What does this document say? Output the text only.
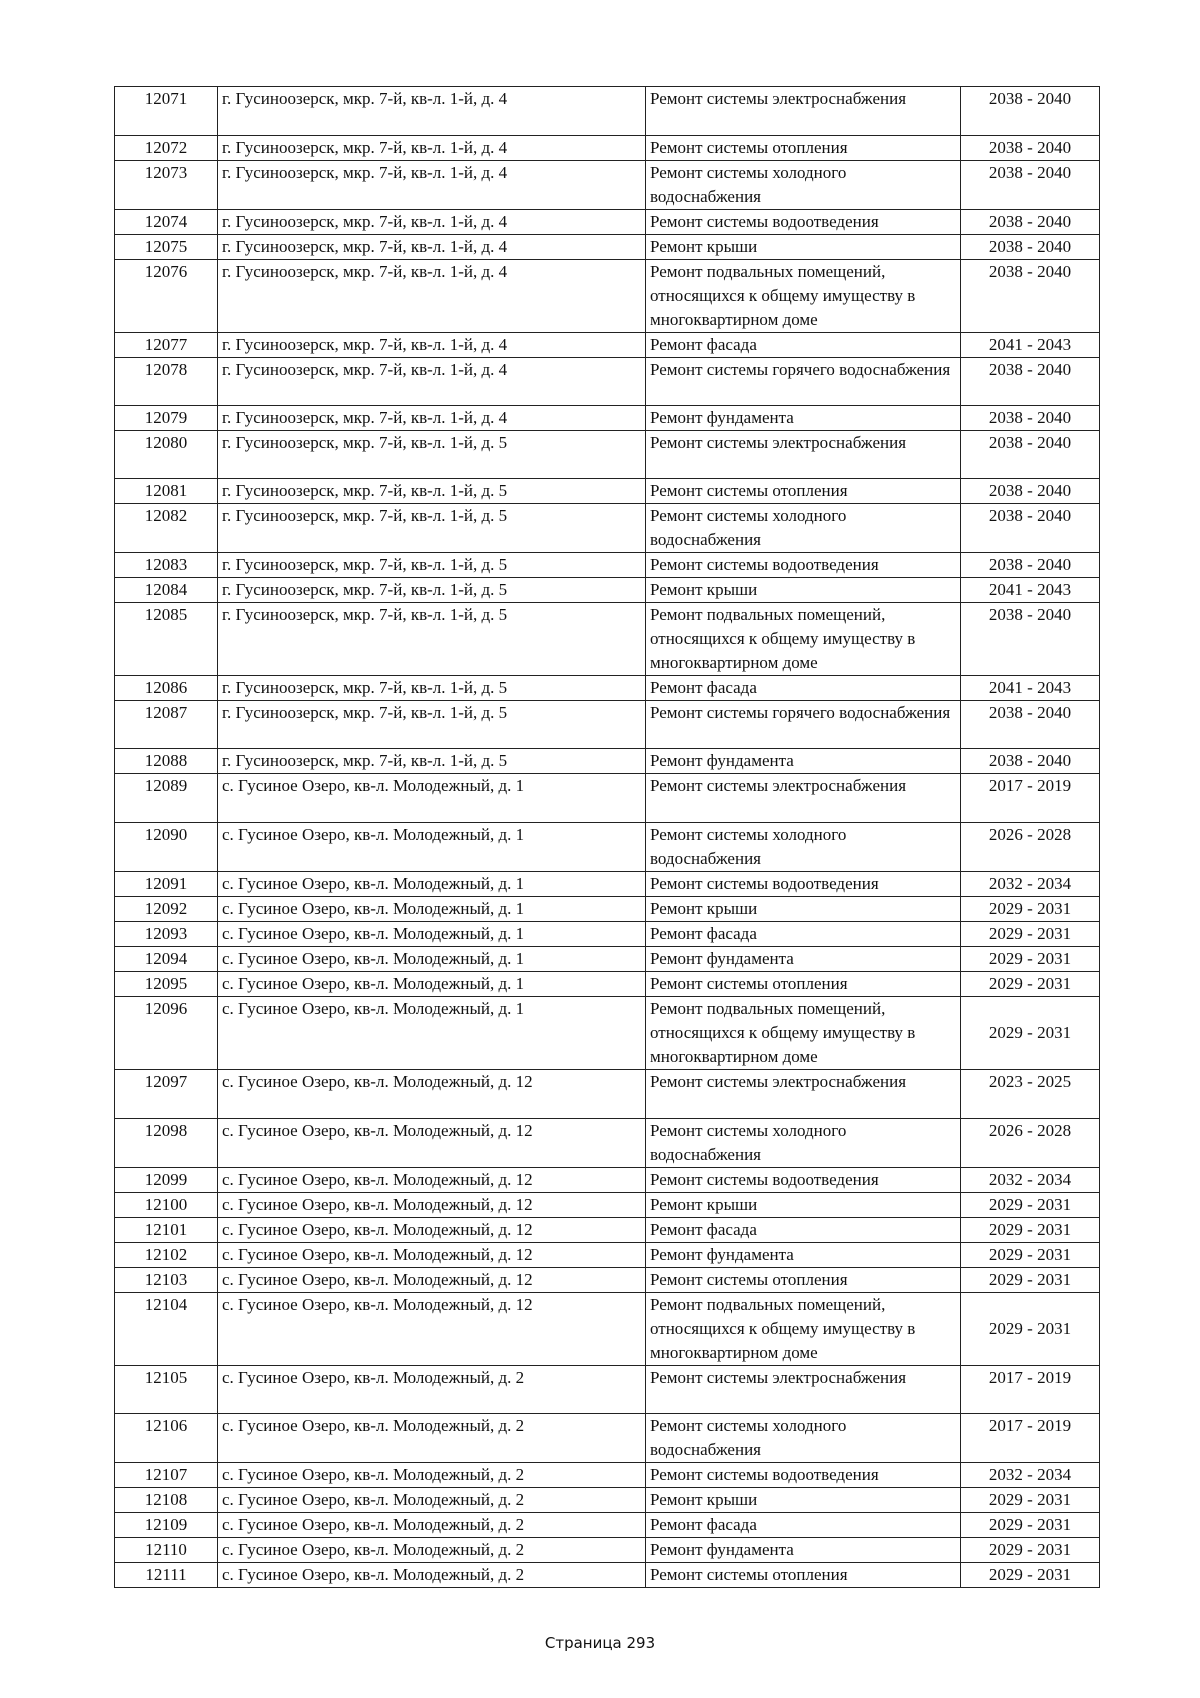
12071	г. Гусиноозерск, мкр. 7-й, кв-л. 1-й, д. 4	Ремонт системы электроснабжения	2038 - 2040
12072	г. Гусиноозерск, мкр. 7-й, кв-л. 1-й, д. 4	Ремонт системы отопления	2038 - 2040
12073	г. Гусиноозерск, мкр. 7-й, кв-л. 1-й, д. 4	Ремонт системы холодного водоснабжения	2038 - 2040
12074	г. Гусиноозерск, мкр. 7-й, кв-л. 1-й, д. 4	Ремонт системы водоотведения	2038 - 2040
12075	г. Гусиноозерск, мкр. 7-й, кв-л. 1-й, д. 4	Ремонт крыши	2038 - 2040
12076	г. Гусиноозерск, мкр. 7-й, кв-л. 1-й, д. 4	Ремонт подвальных помещений, относящихся к общему имуществу в многоквартирном доме	2038 - 2040
12077	г. Гусиноозерск, мкр. 7-й, кв-л. 1-й, д. 4	Ремонт фасада	2041 - 2043
12078	г. Гусиноозерск, мкр. 7-й, кв-л. 1-й, д. 4	Ремонт системы горячего водоснабжения	2038 - 2040
12079	г. Гусиноозерск, мкр. 7-й, кв-л. 1-й, д. 4	Ремонт фундамента	2038 - 2040
12080	г. Гусиноозерск, мкр. 7-й, кв-л. 1-й, д. 5	Ремонт системы электроснабжения	2038 - 2040
12081	г. Гусиноозерск, мкр. 7-й, кв-л. 1-й, д. 5	Ремонт системы отопления	2038 - 2040
12082	г. Гусиноозерск, мкр. 7-й, кв-л. 1-й, д. 5	Ремонт системы холодного водоснабжения	2038 - 2040
12083	г. Гусиноозерск, мкр. 7-й, кв-л. 1-й, д. 5	Ремонт системы водоотведения	2038 - 2040
12084	г. Гусиноозерск, мкр. 7-й, кв-л. 1-й, д. 5	Ремонт крыши	2041 - 2043
12085	г. Гусиноозерск, мкр. 7-й, кв-л. 1-й, д. 5	Ремонт подвальных помещений, относящихся к общему имуществу в многоквартирном доме	2038 - 2040
12086	г. Гусиноозерск, мкр. 7-й, кв-л. 1-й, д. 5	Ремонт фасада	2041 - 2043
12087	г. Гусиноозерск, мкр. 7-й, кв-л. 1-й, д. 5	Ремонт системы горячего водоснабжения	2038 - 2040
12088	г. Гусиноозерск, мкр. 7-й, кв-л. 1-й, д. 5	Ремонт фундамента	2038 - 2040
12089	с. Гусиное Озеро, кв-л. Молодежный, д. 1	Ремонт системы электроснабжения	2017 - 2019
12090	с. Гусиное Озеро, кв-л. Молодежный, д. 1	Ремонт системы холодного водоснабжения	2026 - 2028
12091	с. Гусиное Озеро, кв-л. Молодежный, д. 1	Ремонт системы водоотведения	2032 - 2034
12092	с. Гусиное Озеро, кв-л. Молодежный, д. 1	Ремонт крыши	2029 - 2031
12093	с. Гусиное Озеро, кв-л. Молодежный, д. 1	Ремонт фасада	2029 - 2031
12094	с. Гусиное Озеро, кв-л. Молодежный, д. 1	Ремонт фундамента	2029 - 2031
12095	с. Гусиное Озеро, кв-л. Молодежный, д. 1	Ремонт системы отопления	2029 - 2031
12096	с. Гусиное Озеро, кв-л. Молодежный, д. 1	Ремонт подвальных помещений, относящихся к общему имуществу в многоквартирном доме	2029 - 2031
12097	с. Гусиное Озеро, кв-л. Молодежный, д. 12	Ремонт системы электроснабжения	2023 - 2025
12098	с. Гусиное Озеро, кв-л. Молодежный, д. 12	Ремонт системы холодного водоснабжения	2026 - 2028
12099	с. Гусиное Озеро, кв-л. Молодежный, д. 12	Ремонт системы водоотведения	2032 - 2034
12100	с. Гусиное Озеро, кв-л. Молодежный, д. 12	Ремонт крыши	2029 - 2031
12101	с. Гусиное Озеро, кв-л. Молодежный, д. 12	Ремонт фасада	2029 - 2031
12102	с. Гусиное Озеро, кв-л. Молодежный, д. 12	Ремонт фундамента	2029 - 2031
12103	с. Гусиное Озеро, кв-л. Молодежный, д. 12	Ремонт системы отопления	2029 - 2031
12104	с. Гусиное Озеро, кв-л. Молодежный, д. 12	Ремонт подвальных помещений, относящихся к общему имуществу в многоквартирном доме	2029 - 2031
12105	с. Гусиное Озеро, кв-л. Молодежный, д. 2	Ремонт системы электроснабжения	2017 - 2019
12106	с. Гусиное Озеро, кв-л. Молодежный, д. 2	Ремонт системы холодного водоснабжения	2017 - 2019
12107	с. Гусиное Озеро, кв-л. Молодежный, д. 2	Ремонт системы водоотведения	2032 - 2034
12108	с. Гусиное Озеро, кв-л. Молодежный, д. 2	Ремонт крыши	2029 - 2031
12109	с. Гусиное Озеро, кв-л. Молодежный, д. 2	Ремонт фасада	2029 - 2031
12110	с. Гусиное Озеро, кв-л. Молодежный, д. 2	Ремонт фундамента	2029 - 2031
12111	с. Гусиное Озеро, кв-л. Молодежный, д. 2	Ремонт системы отопления	2029 - 2031
Страница 293
